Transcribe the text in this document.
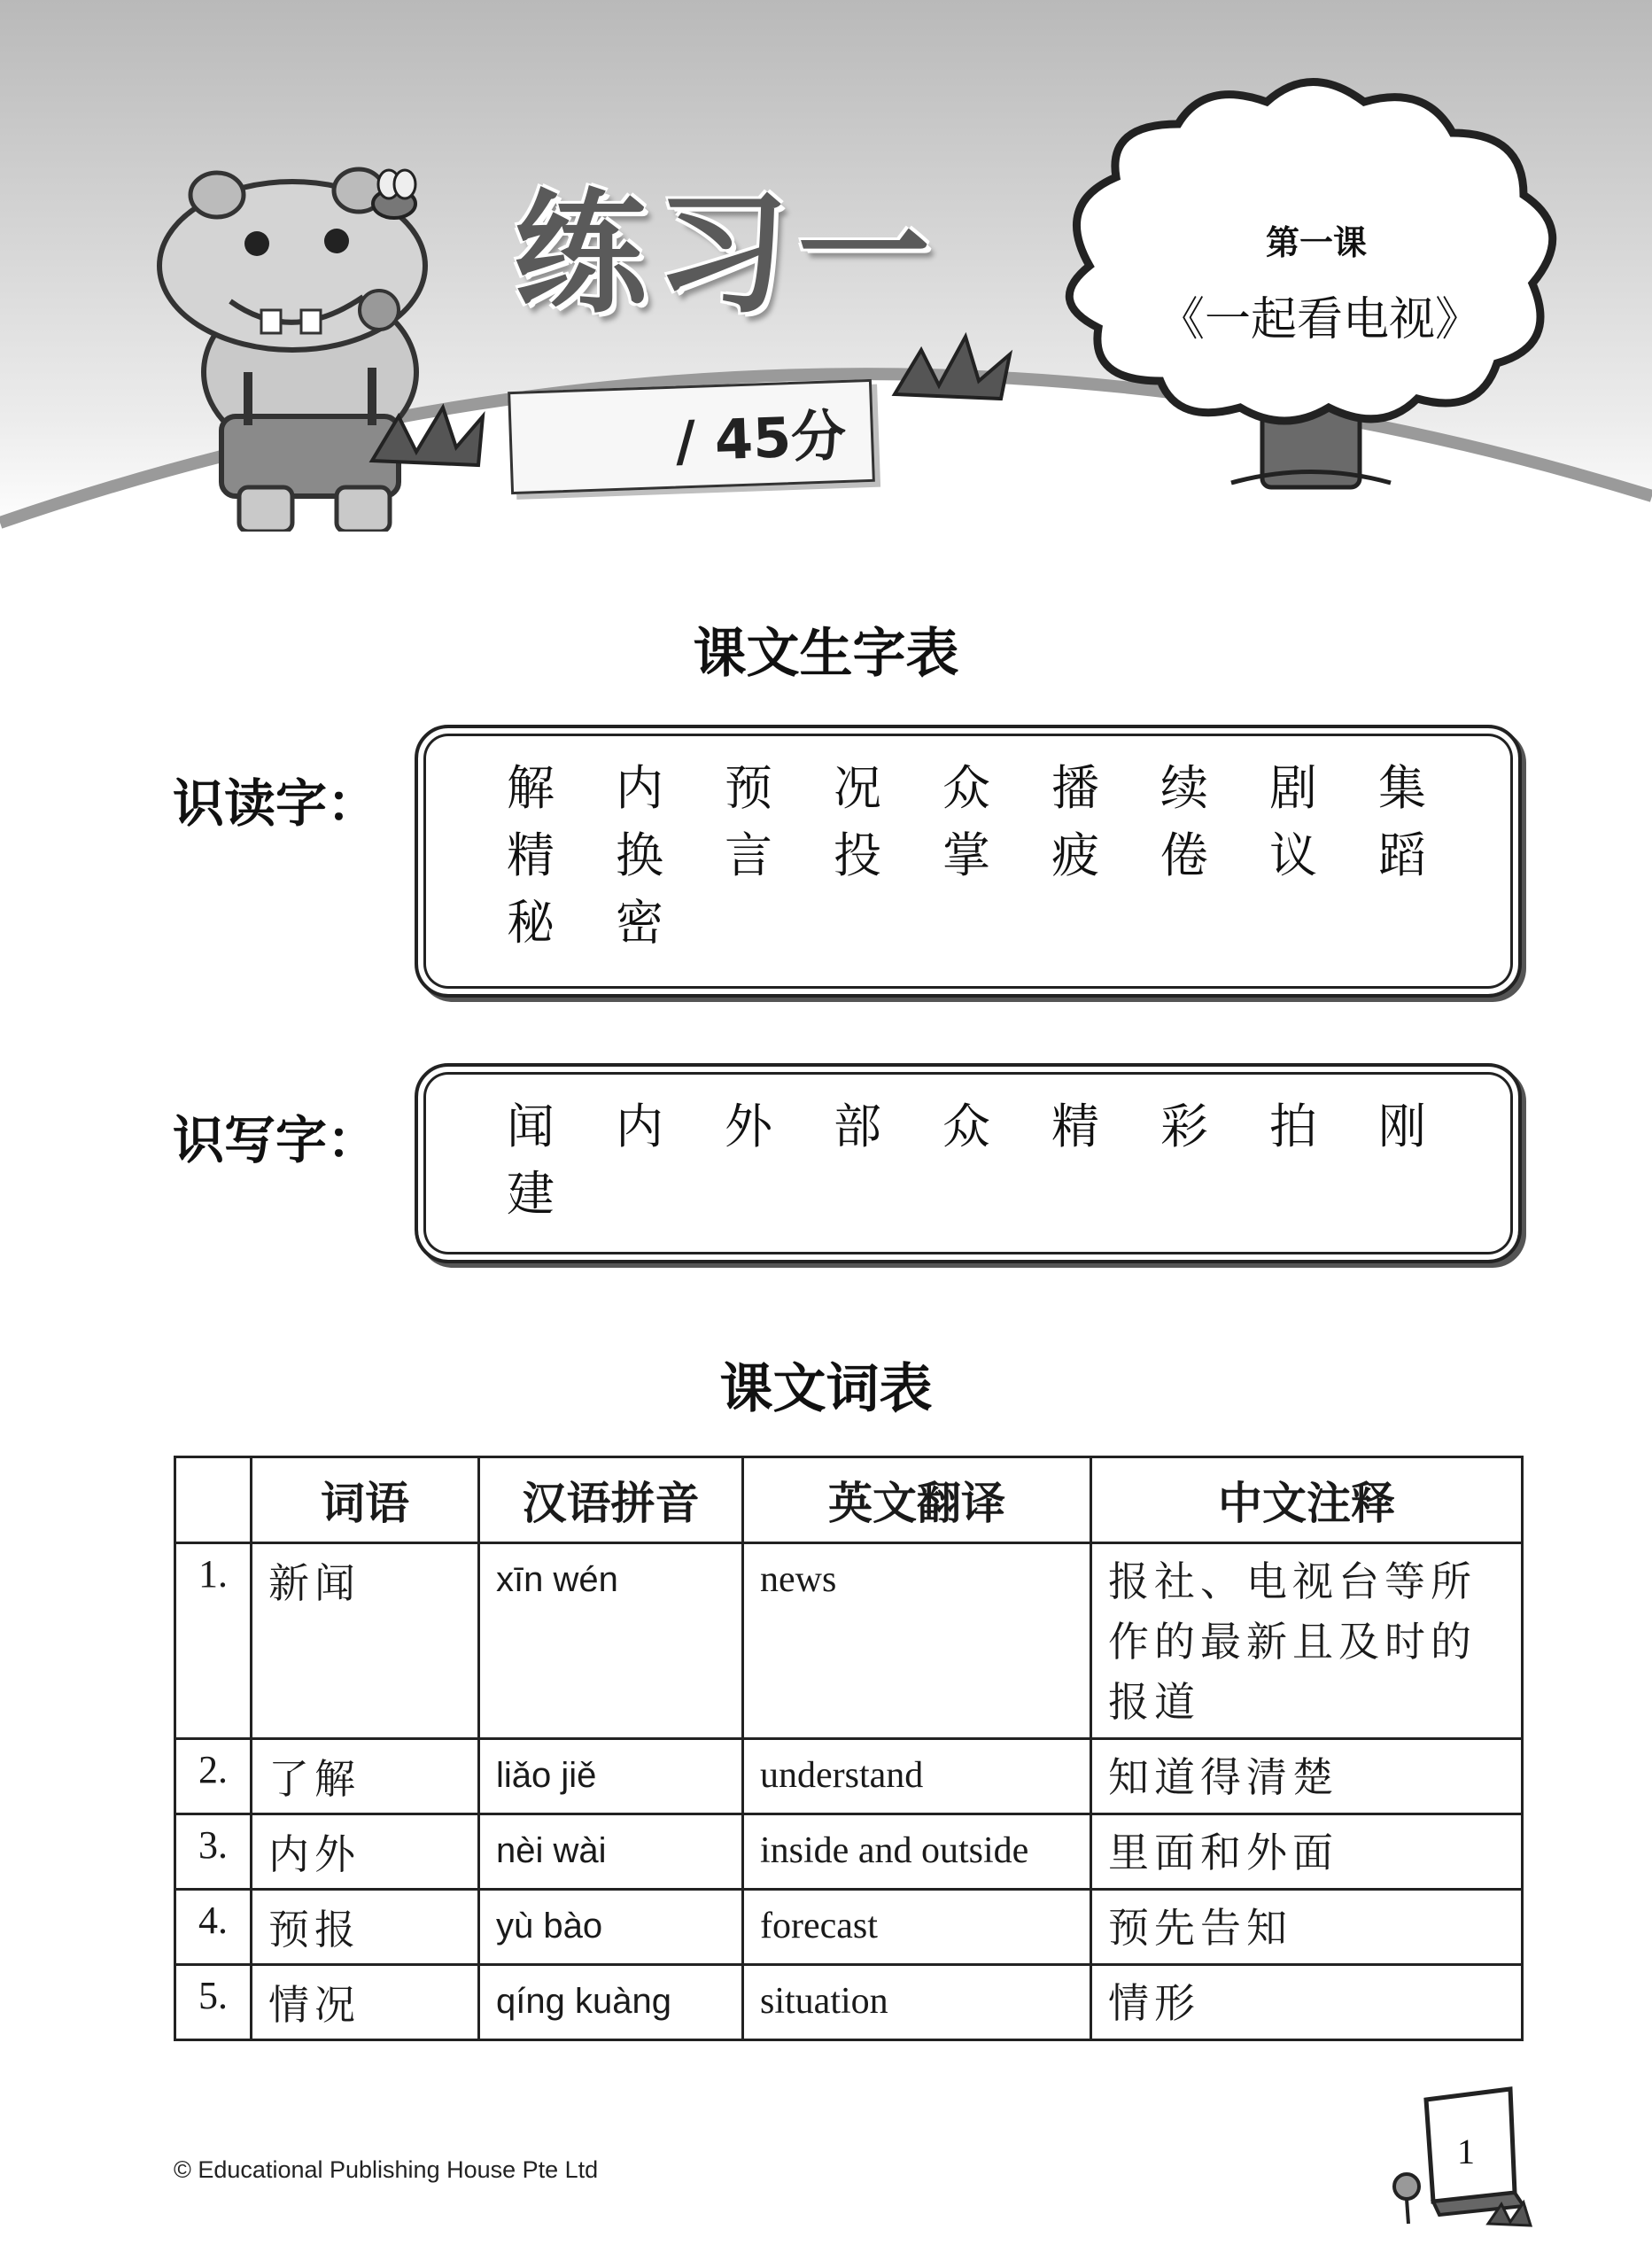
练习一
/ 45分
第一课
《一起看电视》
课文生字表
识读字：	解	内	预	况	众	播	续	剧	集
精	换	言	投	掌	疲	倦	议	蹈
秘	密
识写字：	闻	内	外	部	众	精	彩	拍	刚
建
课文词表
	词语	汉语拼音	英文翻译	中文注释
1.	新闻	xīn wén	news	报社、电视台等所作的最新且及时的报道
2.	了解	liǎo jiě	understand	知道得清楚
3.	内外	nèi wài	inside and outside	里面和外面
4.	预报	yù bào	forecast	预先告知
5.	情况	qíng kuàng	situation	情形
© Educational Publishing House Pte Ltd	1
